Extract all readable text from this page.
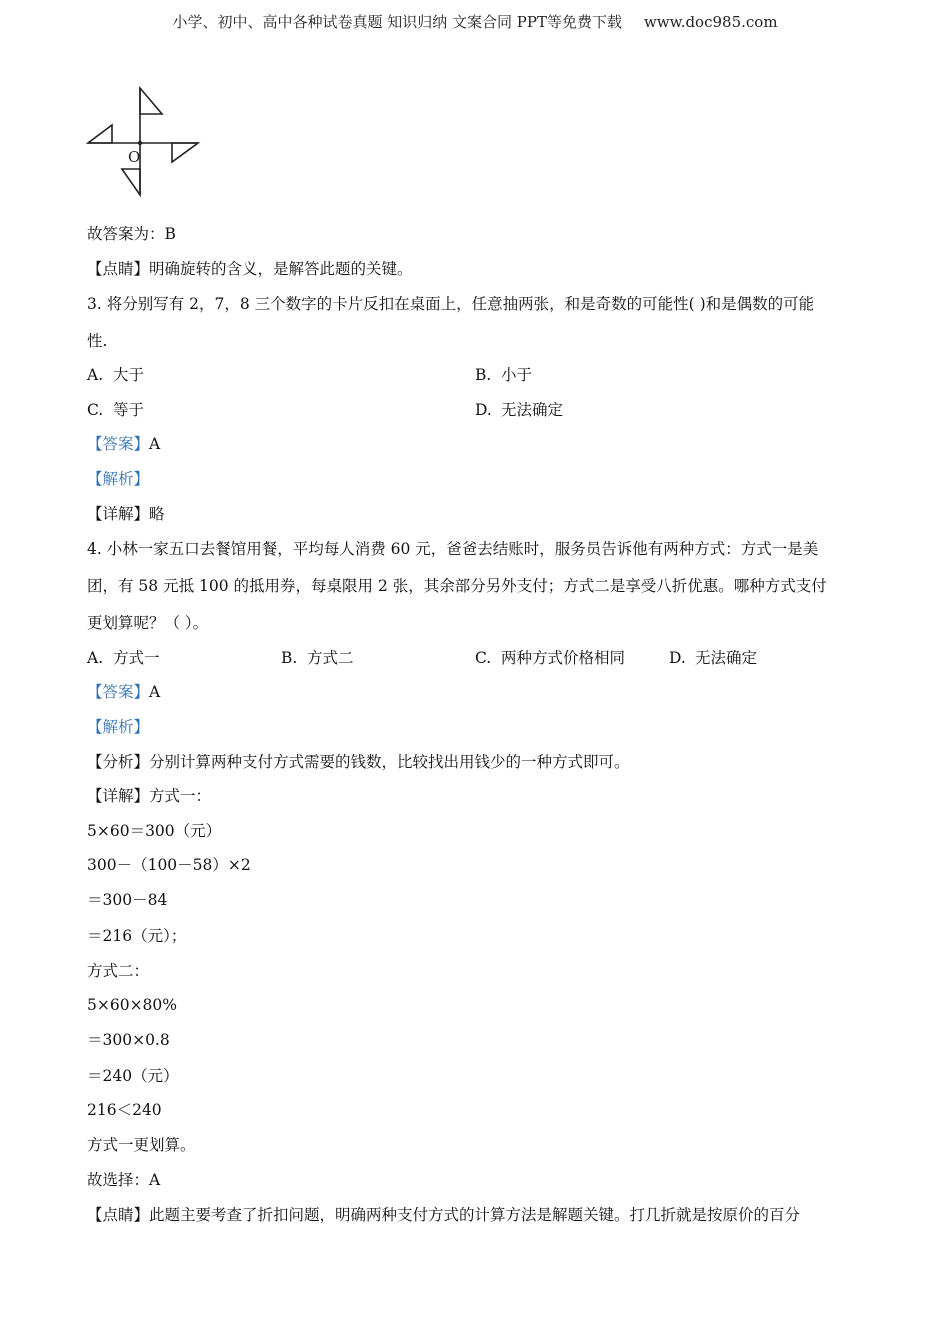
小学、初中、高中各种试卷真题 知识归纳 文案合同 PPT等免费下载 www.doc985.com
O
故答案为：B
【点睛】明确旋转的含义，是解答此题的关键。
3. 将分别写有 2，7，8 三个数字的卡片反扣在桌面上，任意抽两张，和是奇数的可能性( )和是偶数的可能
性.
A. 大于	B. 小于
C. 等于	D. 无法确定
【答案】A
【解析】
【详解】略
4. 小林一家五口去餐馆用餐，平均每人消费 60 元，爸爸去结账时，服务员告诉他有两种方式：方式一是美
团，有 58 元抵 100 的抵用券，每桌限用 2 张，其余部分另外支付；方式二是享受八折优惠。哪种方式支付
更划算呢？（ ）。
A. 方式一	B. 方式二	C. 两种方式价格相同	D. 无法确定
【答案】A
【解析】
【分析】分别计算两种支付方式需要的钱数，比较找出用钱少的一种方式即可。
【详解】方式一：
5×60＝300（元）
300－（100－58）×2
＝300－84
＝216（元）；
方式二：
5×60×80%
＝300×0.8
＝240（元）
216＜240
方式一更划算。
故选择：A
【点睛】此题主要考查了折扣问题，明确两种支付方式的计算方法是解题关键。打几折就是按原价的百分
